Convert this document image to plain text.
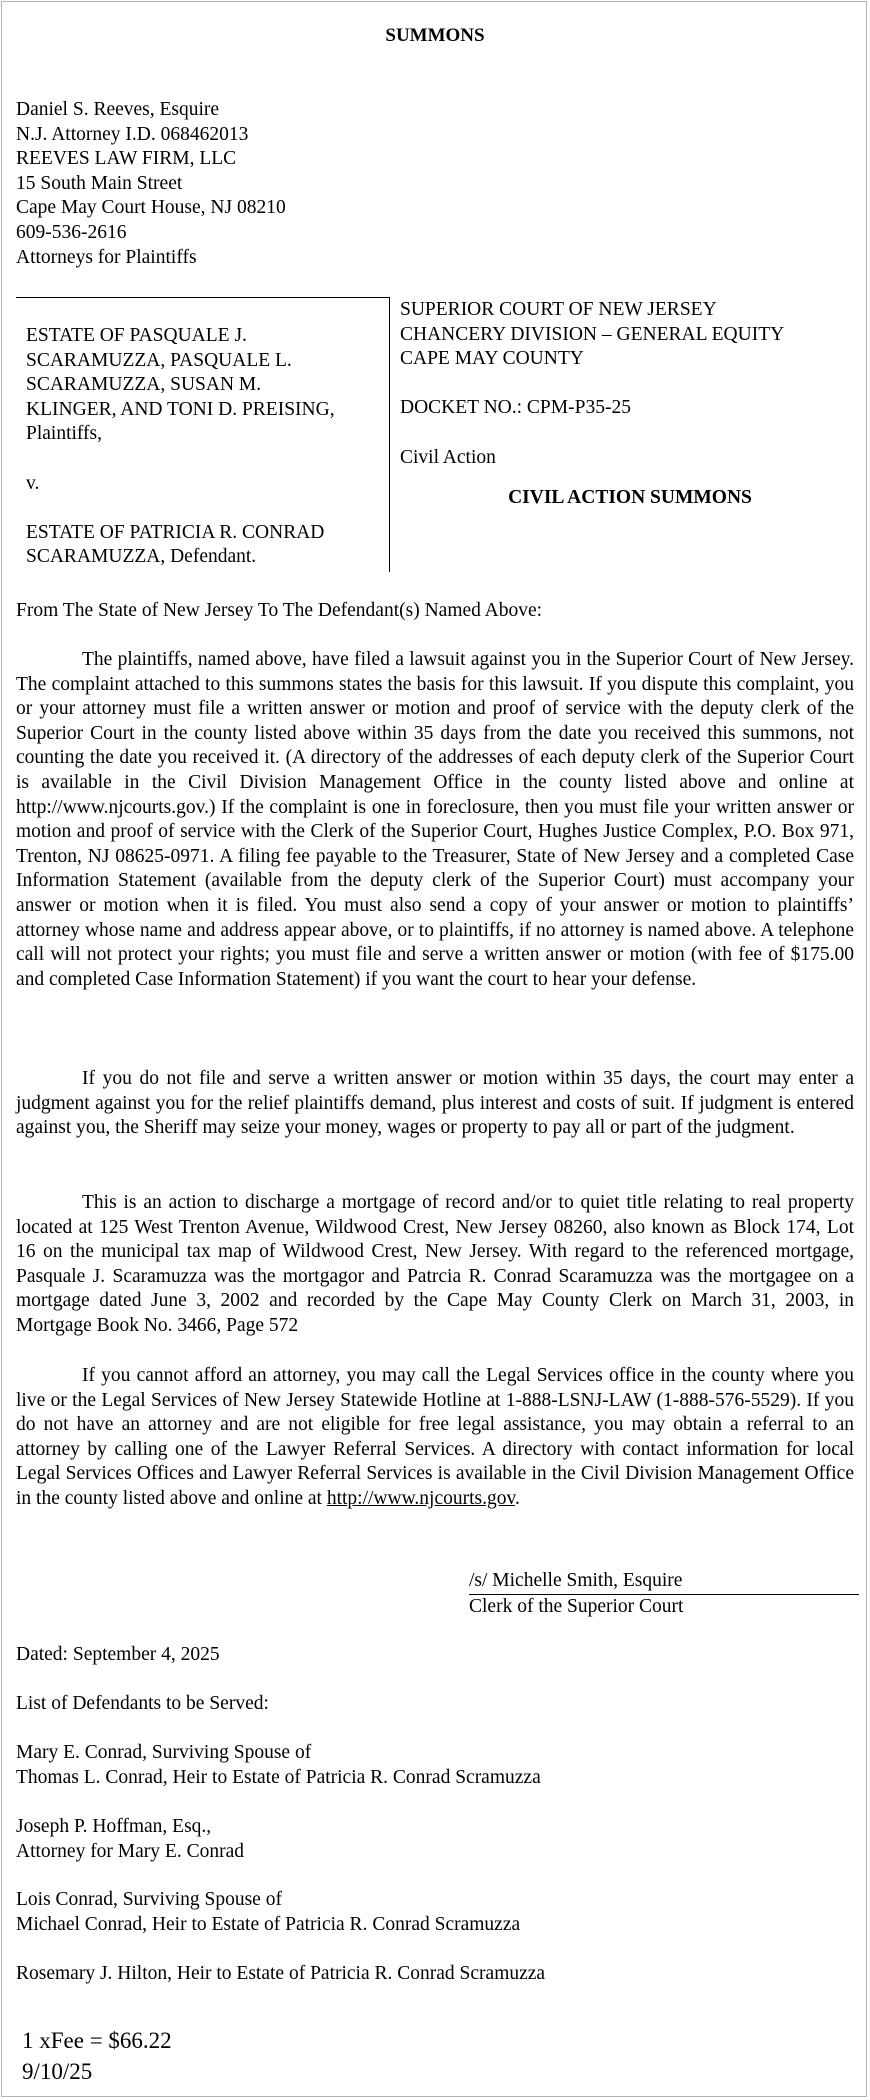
SUMMONS
Daniel S. Reeves, Esquire
N.J. Attorney I.D. 068462013
REEVES LAW FIRM, LLC
15 South Main Street
Cape May Court House, NJ 08210
609-536-2616
Attorneys for Plaintiffs
ESTATE OF PASQUALE J.
SCARAMUZZA, PASQUALE L.
SCARAMUZZA, SUSAN M.
KLINGER, AND TONI D. PREISING,
Plaintiffs,
v.
ESTATE OF PATRICIA R. CONRAD
SCARAMUZZA, Defendant.
SUPERIOR COURT OF NEW JERSEY
CHANCERY DIVISION – GENERAL EQUITY
CAPE MAY COUNTY
DOCKET NO.: CPM-P35-25
Civil Action
CIVIL ACTION SUMMONS
From The State of New Jersey To The Defendant(s) Named Above:

The plaintiffs, named above, have filed a lawsuit against you in the Superior Court of New Jersey. The complaint attached to this summons states the basis for this lawsuit. If you dispute this complaint, you or your attorney must file a written answer or motion and proof of service with the deputy clerk of the Superior Court in the county listed above within 35 days from the date you received this summons, not counting the date you received it. (A directory of the addresses of each deputy clerk of the Superior Court is available in the Civil Division Management Office in the county listed above and online at http://www.njcourts.gov.) If the complaint is one in foreclosure, then you must file your written answer or motion and proof of service with the Clerk of the Superior Court, Hughes Justice Complex, P.O. Box 971, Trenton, NJ 08625-0971. A filing fee payable to the Treasurer, State of New Jersey and a completed Case Information Statement (available from the deputy clerk of the Superior Court) must accompany your answer or motion when it is filed. You must also send a copy of your answer or motion to plaintiffs’ attorney whose name and address appear above, or to plaintiffs, if no attorney is named above. A telephone call will not protect your rights; you must file and serve a written answer or motion (with fee of $175.00 and completed Case Information Statement) if you want the court to hear your defense.

If you do not file and serve a written answer or motion within 35 days, the court may enter a judgment against you for the relief plaintiffs demand, plus interest and costs of suit. If judgment is entered against you, the Sheriff may seize your money, wages or property to pay all or part of the judgment.

This is an action to discharge a mortgage of record and/or to quiet title relating to real property located at 125 West Trenton Avenue, Wildwood Crest, New Jersey 08260, also known as Block 174, Lot 16 on the municipal tax map of Wildwood Crest, New Jersey. With regard to the referenced mortgage, Pasquale J. Scaramuzza was the mortgagor and Patrcia R. Conrad Scaramuzza was the mortgagee on a mortgage dated June 3, 2002 and recorded by the Cape May County Clerk on March 31, 2003, in Mortgage Book No. 3466, Page 572

If you cannot afford an attorney, you may call the Legal Services office in the county where you live or the Legal Services of New Jersey Statewide Hotline at 1-888-LSNJ-LAW (1-888-576-5529). If you do not have an attorney and are not eligible for free legal assistance, you may obtain a referral to an attorney by calling one of the Lawyer Referral Services. A directory with contact information for local Legal Services Offices and Lawyer Referral Services is available in the Civil Division Management Office in the county listed above and online at http://www.njcourts.gov.

/s/ Michelle Smith, Esquire
Clerk of the Superior Court
Dated: September 4, 2025
List of Defendants to be Served:
Mary E. Conrad, Surviving Spouse of
Thomas L. Conrad, Heir to Estate of Patricia R. Conrad Scramuzza
Joseph P. Hoffman, Esq.,
Attorney for Mary E. Conrad
Lois Conrad, Surviving Spouse of
Michael Conrad, Heir to Estate of Patricia R. Conrad Scramuzza
Rosemary J. Hilton, Heir to Estate of Patricia R. Conrad Scramuzza
1 xFee = $66.22
9/10/25
